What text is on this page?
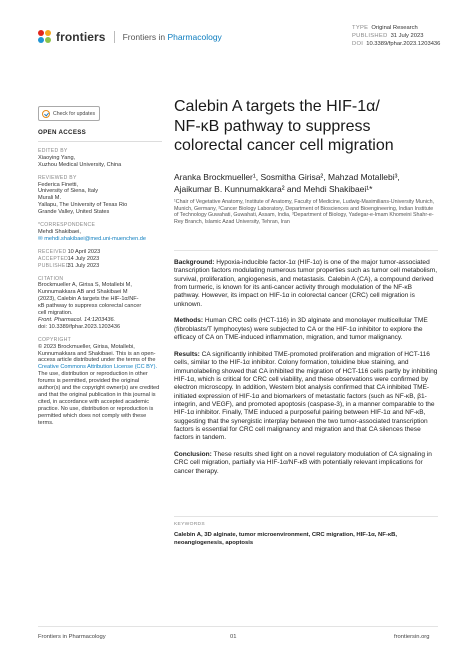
frontiers Frontiers in Pharmacology
TYPE Original Research
PUBLISHED 31 July 2023
DOI 10.3389/fphar.2023.1203436
Check for updates
OPEN ACCESS
EDITED BY

Xiaoying Yang,

Xuzhou Medical University, China

REVIEWED BY

Federica Finetti,

University of Siena, Italy

Murali M.

Yallapu, The University of Texas Rio

Grande Valley, United States

*CORRESPONDENCE

Mehdi Shakibaei,

✉ mehdi.shakibaei@med.uni-muenchen.de

RECEIVED 10 April 2023

ACCEPTED 14 July 2023

PUBLISHED 31 July 2023

CITATION

Brockmueller A, Girisa S, Motallebi M,

Kunnumakkara AB and Shakibaei M

(2023), Calebin A targets the HIF-1α/NF-

κB pathway to suppress colorectal cancer

cell migration.

Front. Pharmacol. 14:1203436.

doi: 10.3389/fphar.2023.1203436

COPYRIGHT

© 2023 Brockmueller, Girisa, Motallebi, Kunnumakkara and Shakibaei. This is an open-access article distributed under the terms of the Creative Commons Attribution License (CC BY). The use, distribution or reproduction in other forums is permitted, provided the original author(s) and the copyright owner(s) are credited and that the original publication in this journal is cited, in accordance with accepted academic practice. No use, distribution or reproduction is permitted which does not comply with these terms.

Calebin A targets the HIF-1α/
NF-κB pathway to suppress
colorectal cancer cell migration
Aranka Brockmueller¹, Sosmitha Girisa², Mahzad Motallebi³,
Ajaikumar B. Kunnumakkara² and Mehdi Shakibaei¹*
¹Chair of Vegetative Anatomy, Institute of Anatomy, Faculty of Medicine, Ludwig-Maximilians-University Munich, Munich, Germany, ²Cancer Biology Laboratory, Department of Biosciences and Bioengineering, Indian Institute of Technology Guwahati, Guwahati, Assam, India, ³Department of Biology, Yadegar-e-Imam Khomeini Shahr-e-Rey Branch, Islamic Azad University, Tehran, Iran

Background: Hypoxia-inducible factor-1α (HIF-1α) is one of the major tumor-associated transcription factors modulating numerous tumor properties such as tumor cell metabolism, survival, proliferation, angiogenesis, and metastasis. Calebin A (CA), a compound derived from turmeric, is known for its anti-cancer activity through modulation of the NF-κB pathway. However, its impact on HIF-1α in colorectal cancer (CRC) cell migration is unknown.

Methods: Human CRC cells (HCT-116) in 3D alginate and monolayer multicellular TME (fibroblasts/T lymphocytes) were subjected to CA or the HIF-1α inhibitor to explore the efficacy of CA on TME-induced inflammation, migration, and tumor malignancy.

Results: CA significantly inhibited TME-promoted proliferation and migration of HCT-116 cells, similar to the HIF-1α inhibitor. Colony formation, toluidine blue staining, and immunolabeling showed that CA inhibited the migration of HCT-116 cells partly by inhibiting HIF-1α, which is critical for CRC cell viability, and these observations were confirmed by electron microscopy. In addition, Western blot analysis confirmed that CA inhibited TME-initiated expression of HIF-1α and biomarkers of metastatic factors (such as NF-κB, β1-integrin, and VEGF), and promoted apoptosis (caspase-3), in a manner comparable to the HIF-1α inhibitor. Finally, TME induced a purposeful pairing between HIF-1α and NF-κB, suggesting that the synergistic interplay between the two tumor-associated transcription factors is essential for CRC cell malignancy and migration and that CA silences these factors in tandem.

Conclusion: These results shed light on a novel regulatory modulation of CA signaling in CRC cell migration, partially via HIF-1α/NF-κB with potentially relevant implications for cancer therapy.

KEYWORDS
Calebin A, 3D alginate, tumor microenvironment, CRC migration, HIF-1α, NF-κB, neoangiogenesis, apoptosis
Frontiers in Pharmacology	01	frontiersin.org
